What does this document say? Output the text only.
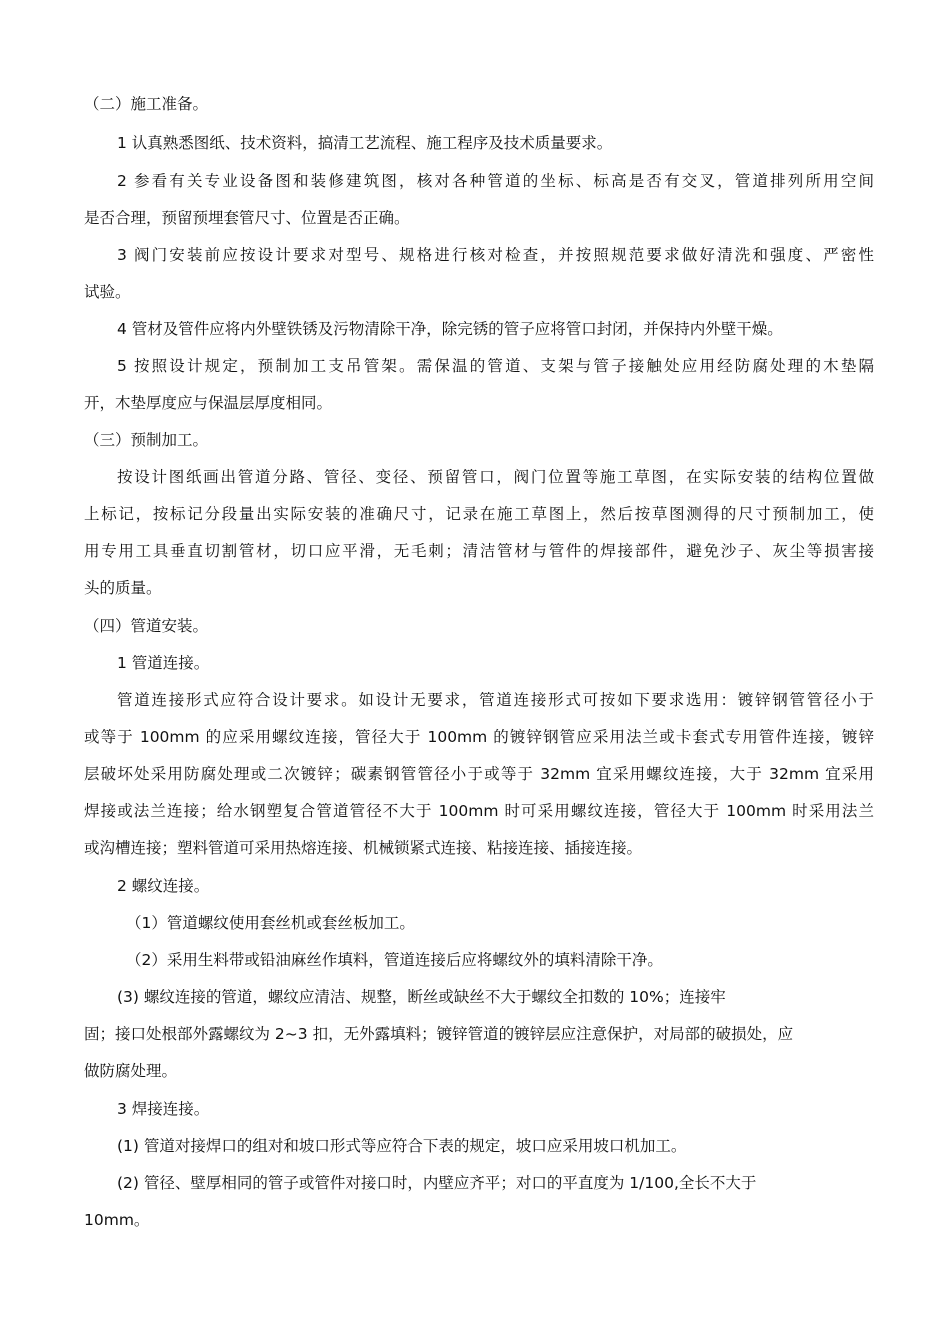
（二）施工准备。
1 认真熟悉图纸、技术资料，搞清工艺流程、施工程序及技术质量要求。
2 参看有关专业设备图和装修建筑图，核对各种管道的坐标、标高是否有交叉，管道排列所用空间
是否合理，预留预埋套管尺寸、位置是否正确。
3 阀门安装前应按设计要求对型号、规格进行核对检查，并按照规范要求做好清洗和强度、严密性
试验。
4 管材及管件应将内外壁铁锈及污物清除干净，除完锈的管子应将管口封闭，并保持内外壁干燥。
5 按照设计规定，预制加工支吊管架。需保温的管道、支架与管子接触处应用经防腐处理的木垫隔
开，木垫厚度应与保温层厚度相同。
（三）预制加工。
按设计图纸画出管道分路、管径、变径、预留管口，阀门位置等施工草图，在实际安装的结构位置做
上标记，按标记分段量出实际安装的准确尺寸，记录在施工草图上，然后按草图测得的尺寸预制加工，使
用专用工具垂直切割管材，切口应平滑，无毛刺；清洁管材与管件的焊接部件，避免沙子、灰尘等损害接
头的质量。
（四）管道安装。
1 管道连接。
管道连接形式应符合设计要求。如设计无要求，管道连接形式可按如下要求选用：镀锌钢管管径小于
或等于 100mm 的应采用螺纹连接，管径大于 100mm 的镀锌钢管应采用法兰或卡套式专用管件连接，镀锌
层破坏处采用防腐处理或二次镀锌；碳素钢管管径小于或等于 32mm 宜采用螺纹连接，大于 32mm 宜采用
焊接或法兰连接；给水钢塑复合管道管径不大于 100mm 时可采用螺纹连接，管径大于 100mm 时采用法兰
或沟槽连接；塑料管道可采用热熔连接、机械锁紧式连接、粘接连接、插接连接。
2 螺纹连接。
（1）管道螺纹使用套丝机或套丝板加工。
（2）采用生料带或铅油麻丝作填料，管道连接后应将螺纹外的填料清除干净。
(3) 螺纹连接的管道，螺纹应清洁、规整，断丝或缺丝不大于螺纹全扣数的 10%；连接牢
固；接口处根部外露螺纹为 2~3 扣，无外露填料；镀锌管道的镀锌层应注意保护，对局部的破损处，应
做防腐处理。
3 焊接连接。
(1) 管道对接焊口的组对和坡口形式等应符合下表的规定，坡口应采用坡口机加工。
(2) 管径、壁厚相同的管子或管件对接口时，内壁应齐平；对口的平直度为 1/100,全长不大于
10mm。
